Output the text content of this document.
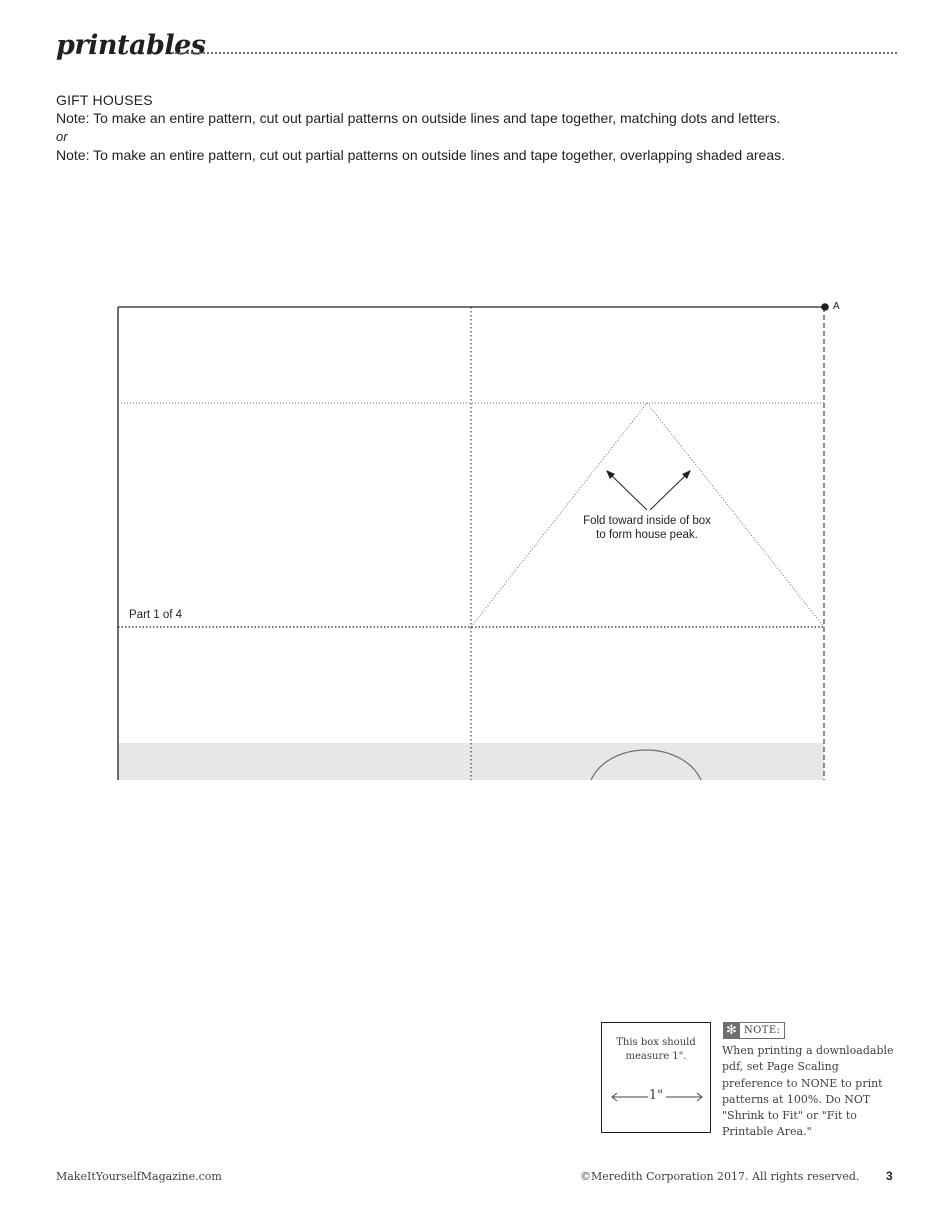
printables
GIFT HOUSES
Note: To make an entire pattern, cut out partial patterns on outside lines and tape together, matching dots and letters.
or
Note: To make an entire pattern, cut out partial patterns on outside lines and tape together, overlapping shaded areas.
A
Fold toward inside of box
to form house peak.
Part 1 of 4
This box should measure 1".
1"
✻ NOTE:
When printing a downloadable pdf, set Page Scaling preference to NONE to print patterns at 100%. Do NOT "Shrink to Fit" or "Fit to Printable Area."
MakeItYourselfMagazine.com	©Meredith Corporation 2017. All rights reserved. 3
